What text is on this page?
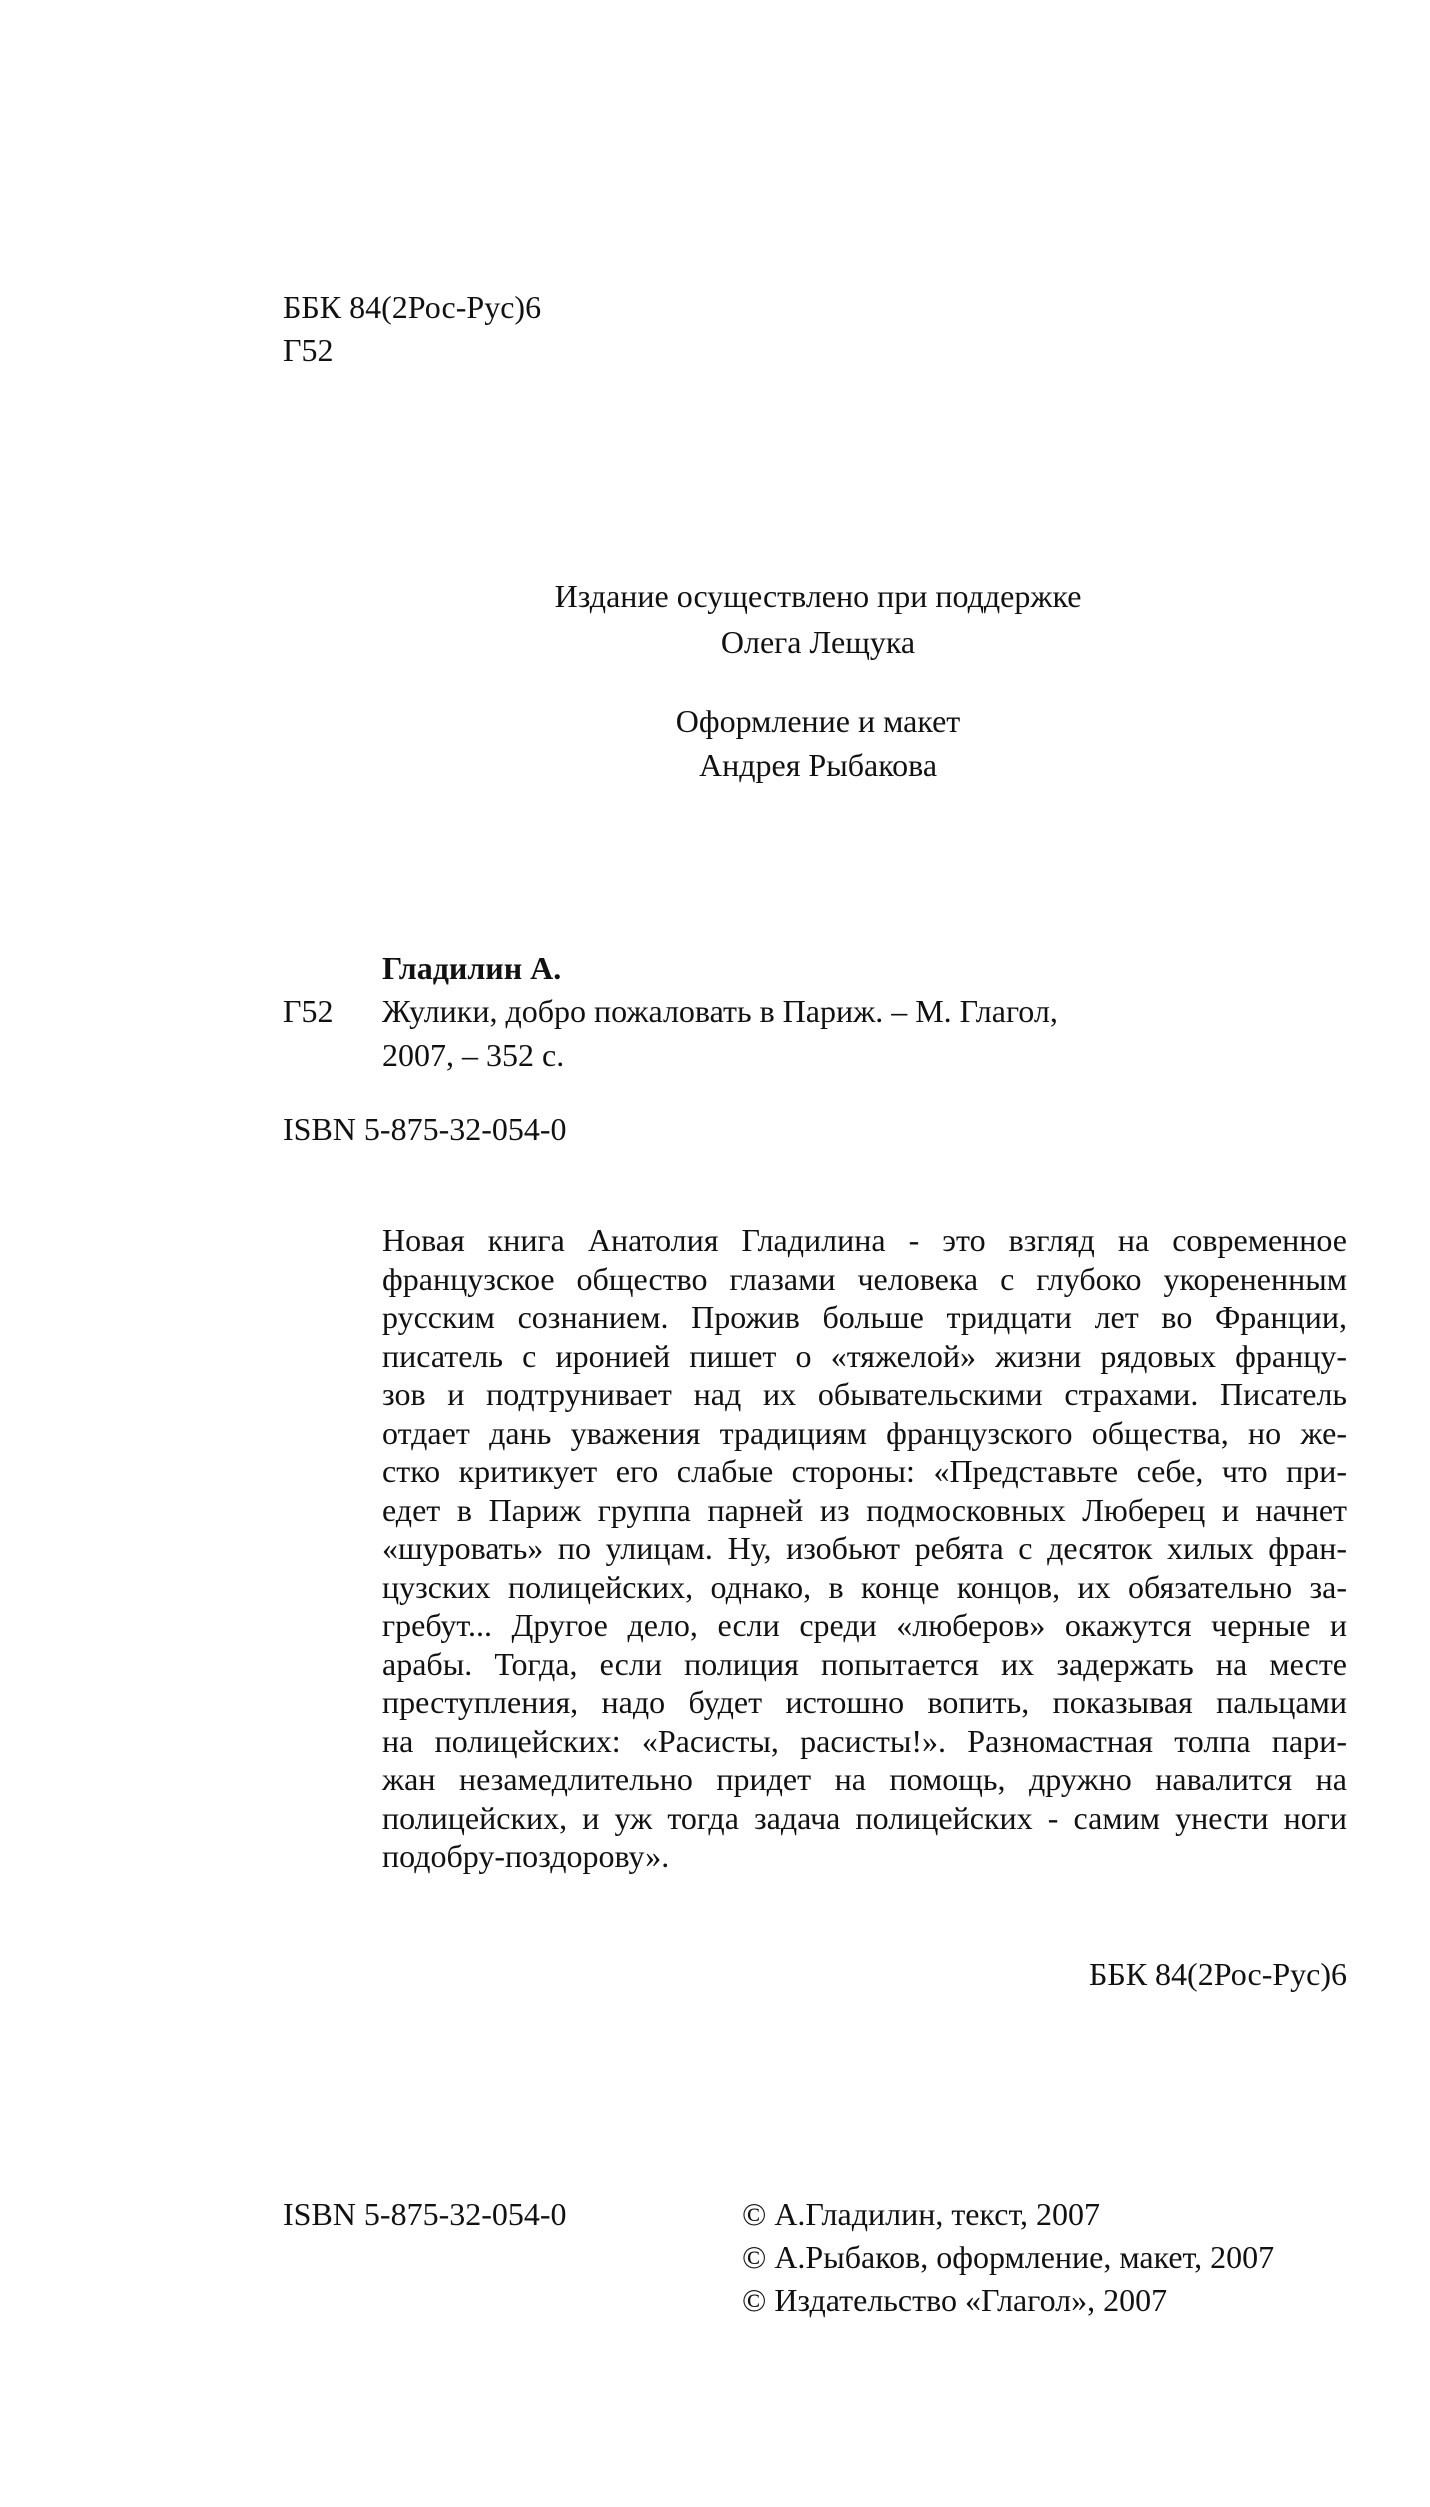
ББК 84(2Рос-Рус)6
Г52
Издание осуществлено при поддержке
Олега Лещука
Оформление и макет
Андрея Рыбакова
Гладилин А.
Г52 Жулики, добро пожаловать в Париж. – М. Глагол,
2007, – 352 с.
ISBN 5-875-32-054-0
Новая книга Анатолия Гладилина - это взгляд на современное
французское общество глазами человека с глубоко укорененным
русским сознанием. Прожив больше тридцати лет во Франции,
писатель с иронией пишет о «тяжелой» жизни рядовых францу-
зов и подтрунивает над их обывательскими страхами. Писатель
отдает дань уважения традициям французского общества, но же-
стко критикует его слабые стороны: «Представьте себе, что при-
едет в Париж группа парней из подмосковных Люберец и начнет
«шуровать» по улицам. Ну, изобьют ребята с десяток хилых фран-
цузских полицейских, однако, в конце концов, их обязательно за-
гребут... Другое дело, если среди «люберов» окажутся черные и
арабы. Тогда, если полиция попытается их задержать на месте
преступления, надо будет истошно вопить, показывая пальцами
на полицейских: «Расисты, расисты!». Разномастная толпа пари-
жан незамедлительно придет на помощь, дружно навалится на
полицейских, и уж тогда задача полицейских - самим унести ноги
подобру-поздорову».
ББК 84(2Рос-Рус)6
ISBN 5-875-32-054-0	© А.Гладилин, текст, 2007
© А.Рыбаков, оформление, макет, 2007
© Издательство «Глагол», 2007
